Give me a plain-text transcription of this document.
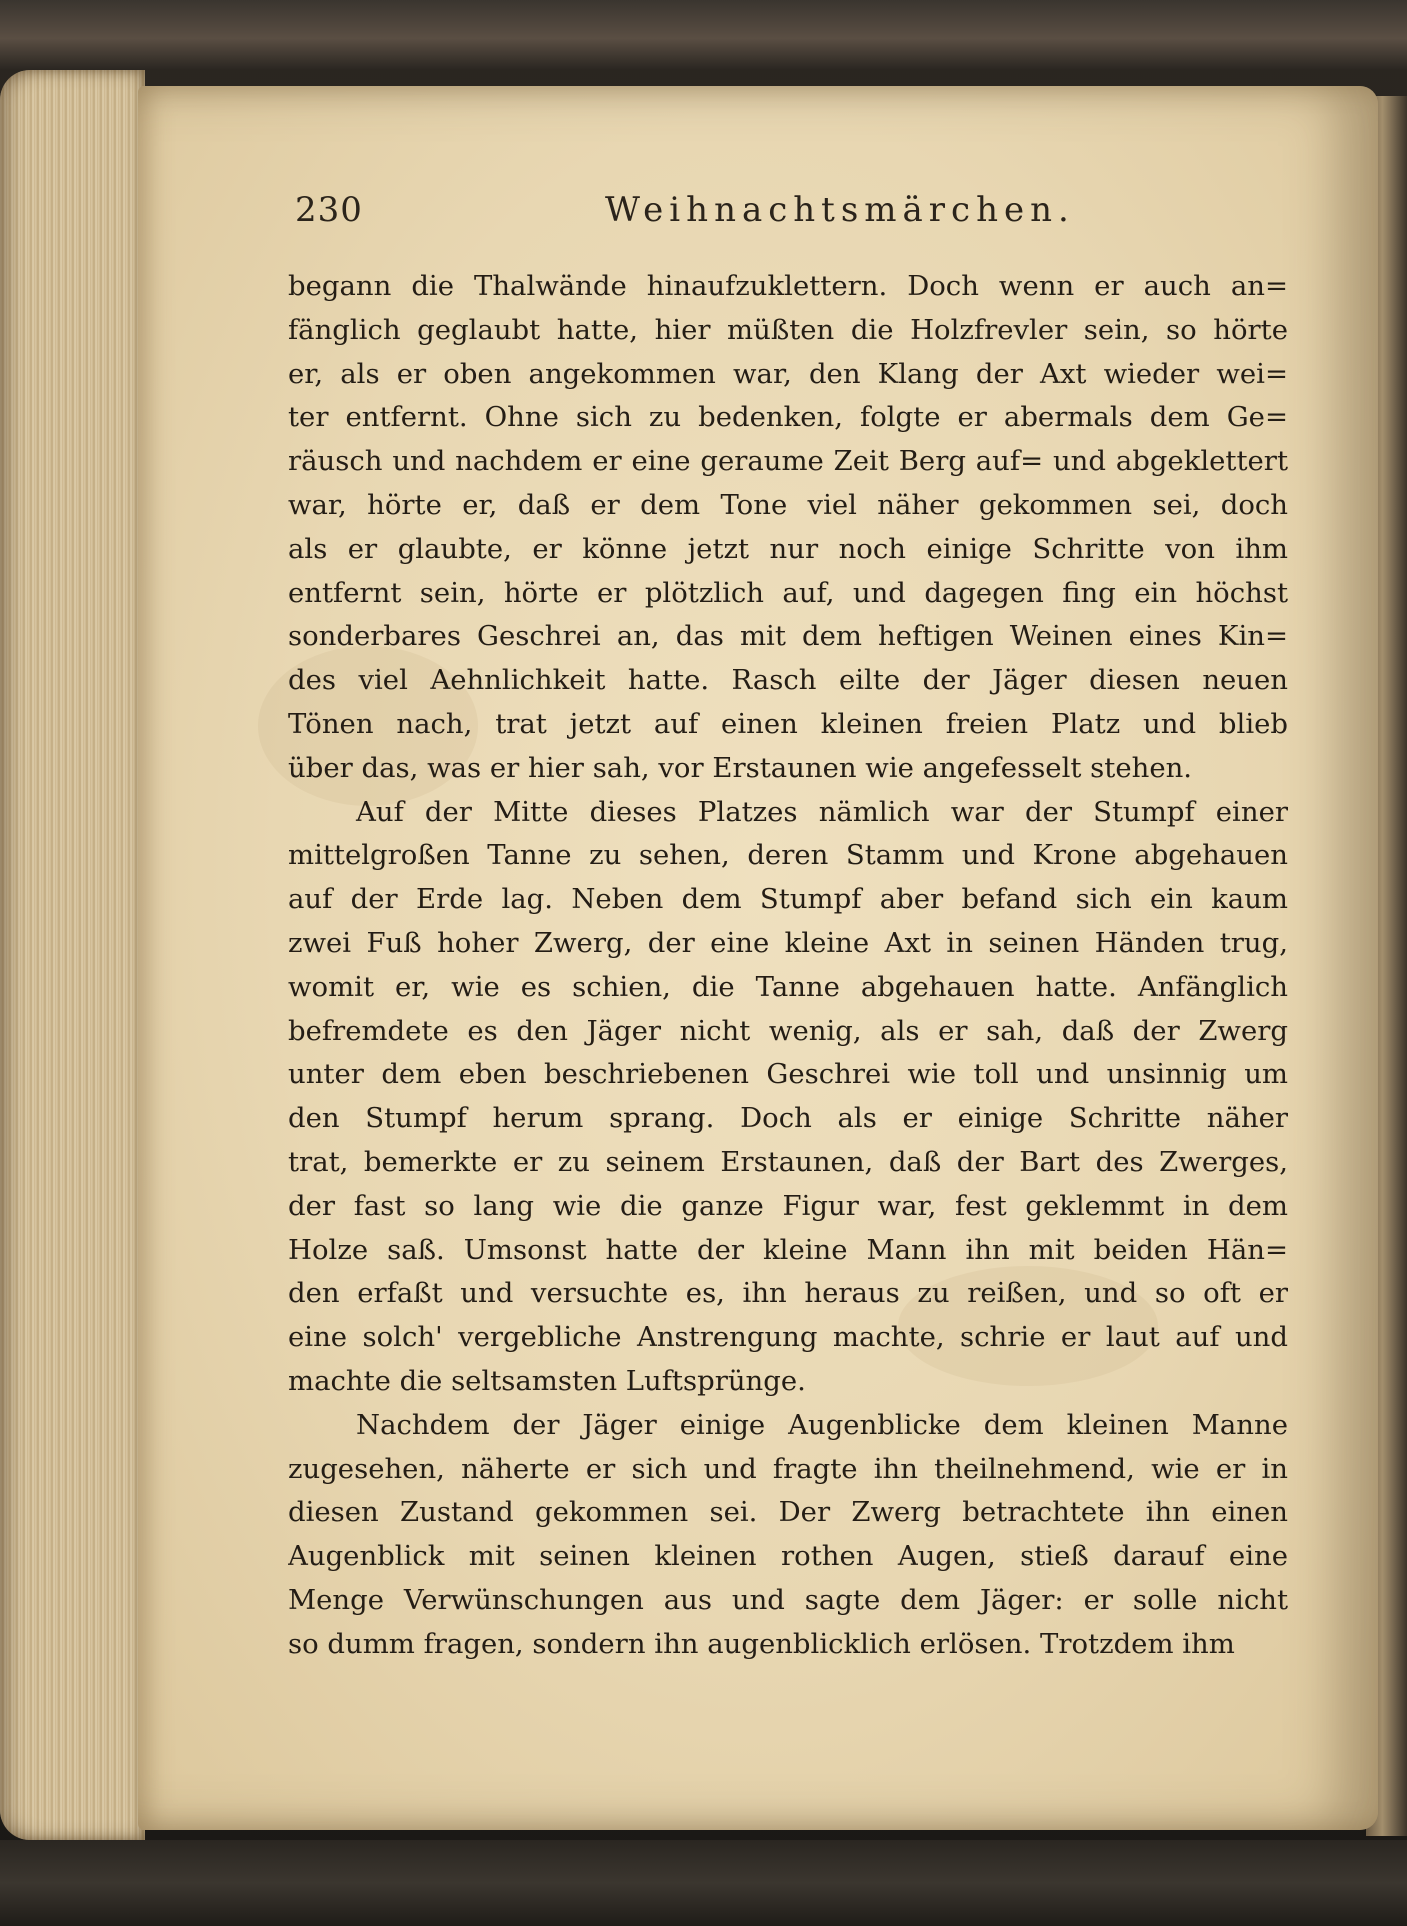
230	Weihnachtsmärchen.
begann die Thalwände hinaufzuklettern. Doch wenn er auch an=
fänglich geglaubt hatte, hier müßten die Holzfrevler sein, so hörte
er, als er oben angekommen war, den Klang der Axt wieder wei=
ter entfernt. Ohne sich zu bedenken, folgte er abermals dem Ge=
räusch und nachdem er eine geraume Zeit Berg auf= und abgeklettert
war, hörte er, daß er dem Tone viel näher gekommen sei, doch
als er glaubte, er könne jetzt nur noch einige Schritte von ihm
entfernt sein, hörte er plötzlich auf, und dagegen fing ein höchst
sonderbares Geschrei an, das mit dem heftigen Weinen eines Kin=
des viel Aehnlichkeit hatte. Rasch eilte der Jäger diesen neuen
Tönen nach, trat jetzt auf einen kleinen freien Platz und blieb
über das, was er hier sah, vor Erstaunen wie angefesselt stehen.
Auf der Mitte dieses Platzes nämlich war der Stumpf einer
mittelgroßen Tanne zu sehen, deren Stamm und Krone abgehauen
auf der Erde lag. Neben dem Stumpf aber befand sich ein kaum
zwei Fuß hoher Zwerg, der eine kleine Axt in seinen Händen trug,
womit er, wie es schien, die Tanne abgehauen hatte. Anfänglich
befremdete es den Jäger nicht wenig, als er sah, daß der Zwerg
unter dem eben beschriebenen Geschrei wie toll und unsinnig um
den Stumpf herum sprang. Doch als er einige Schritte näher
trat, bemerkte er zu seinem Erstaunen, daß der Bart des Zwerges,
der fast so lang wie die ganze Figur war, fest geklemmt in dem
Holze saß. Umsonst hatte der kleine Mann ihn mit beiden Hän=
den erfaßt und versuchte es, ihn heraus zu reißen, und so oft er
eine solch' vergebliche Anstrengung machte, schrie er laut auf und
machte die seltsamsten Luftsprünge.
Nachdem der Jäger einige Augenblicke dem kleinen Manne
zugesehen, näherte er sich und fragte ihn theilnehmend, wie er in
diesen Zustand gekommen sei. Der Zwerg betrachtete ihn einen
Augenblick mit seinen kleinen rothen Augen, stieß darauf eine
Menge Verwünschungen aus und sagte dem Jäger: er solle nicht
so dumm fragen, sondern ihn augenblicklich erlösen. Trotzdem ihm
